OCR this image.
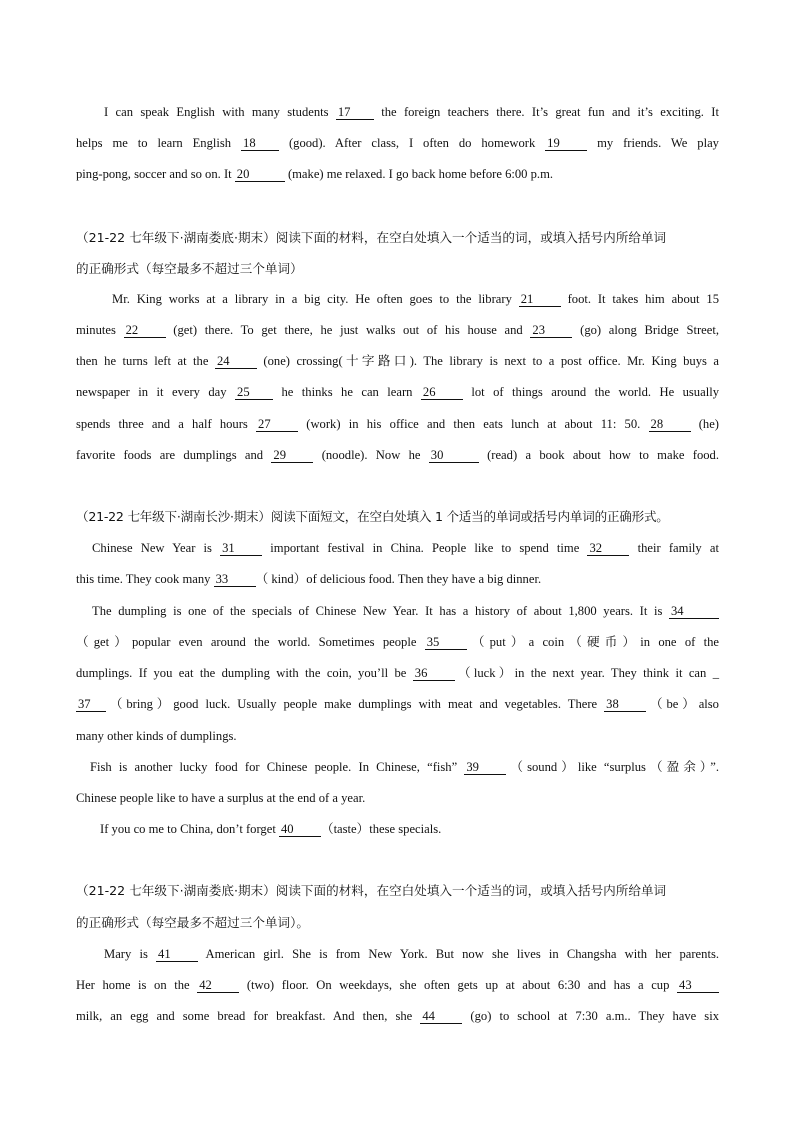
I can speak English with many students 17 the foreign teachers there. It’s great fun and it’s exciting. It
helps me to learn English 18 (good). After class, I often do homework 19 my friends. We play
ping-pong, soccer and so on. It 20	(make) me relaxed. I go back home before 6:00 p.m.
（21-22 七年级下·湖南娄底·期末）阅读下面的材料，在空白处填入一个适当的词，或填入括号内所给单词
的正确形式（每空最多不超过三个单词）
Mr. King works at a library in a big city. He often goes to the library 21 foot. It takes him about 15
minutes 22 (get) there. To get there, he just walks out of his house and 23 (go) along Bridge Street,
then he turns left at the 24 (one) crossing(十字路口). The library is next to a post office. Mr. King buys a
newspaper in it every day 25 he thinks he can learn 26 lot of things around the world. He usually
spends three and a half hours 27 (work) in his office and then eats lunch at about 11: 50. 28 (he)
favorite foods are dumplings and 29 (noodle). Now he 30	(read) a book about how to make food.
（21-22 七年级下·湖南长沙·期末）阅读下面短文，在空白处填入 1 个适当的单词或括号内单词的正确形式。
Chinese New Year is 31 important festival in China. People like to spend time 32 their family at
this time. They cook many 33 （ kind）of delicious food. Then they have a big dinner.
The dumpling is one of the specials of Chinese New Year. It has a history of about 1,800 years. It is 34
（get）popular even around the world. Sometimes people 35 （put）a coin（硬币）in one of the
dumplings. If you eat the dumpling with the coin, you’ll be 36 （luck）in the next year. They think it can _
37 （bring）good luck. Usually people make dumplings with meat and vegetables. There 38 （be）also
many other kinds of dumplings.
Fish is another lucky food for Chinese people. In Chinese, “fish” 39 （sound）like “surplus（盈余）”.
Chinese people like to have a surplus at the end of a year.
If you co me to China, don’t forget 40 （taste）these specials.
（21-22 七年级下·湖南娄底·期末）阅读下面的材料，在空白处填入一个适当的词，或填入括号内所给单词
的正确形式（每空最多不超过三个单词）。
Mary is 41 American girl. She is from New York. But now she lives in Changsha with her parents.
Her home is on the 42 (two) floor. On weekdays, she often gets up at about 6:30 and has a cup 43
milk, an egg and some bread for breakfast. And then, she 44 (go) to school at 7:30 a.m.. They have six
